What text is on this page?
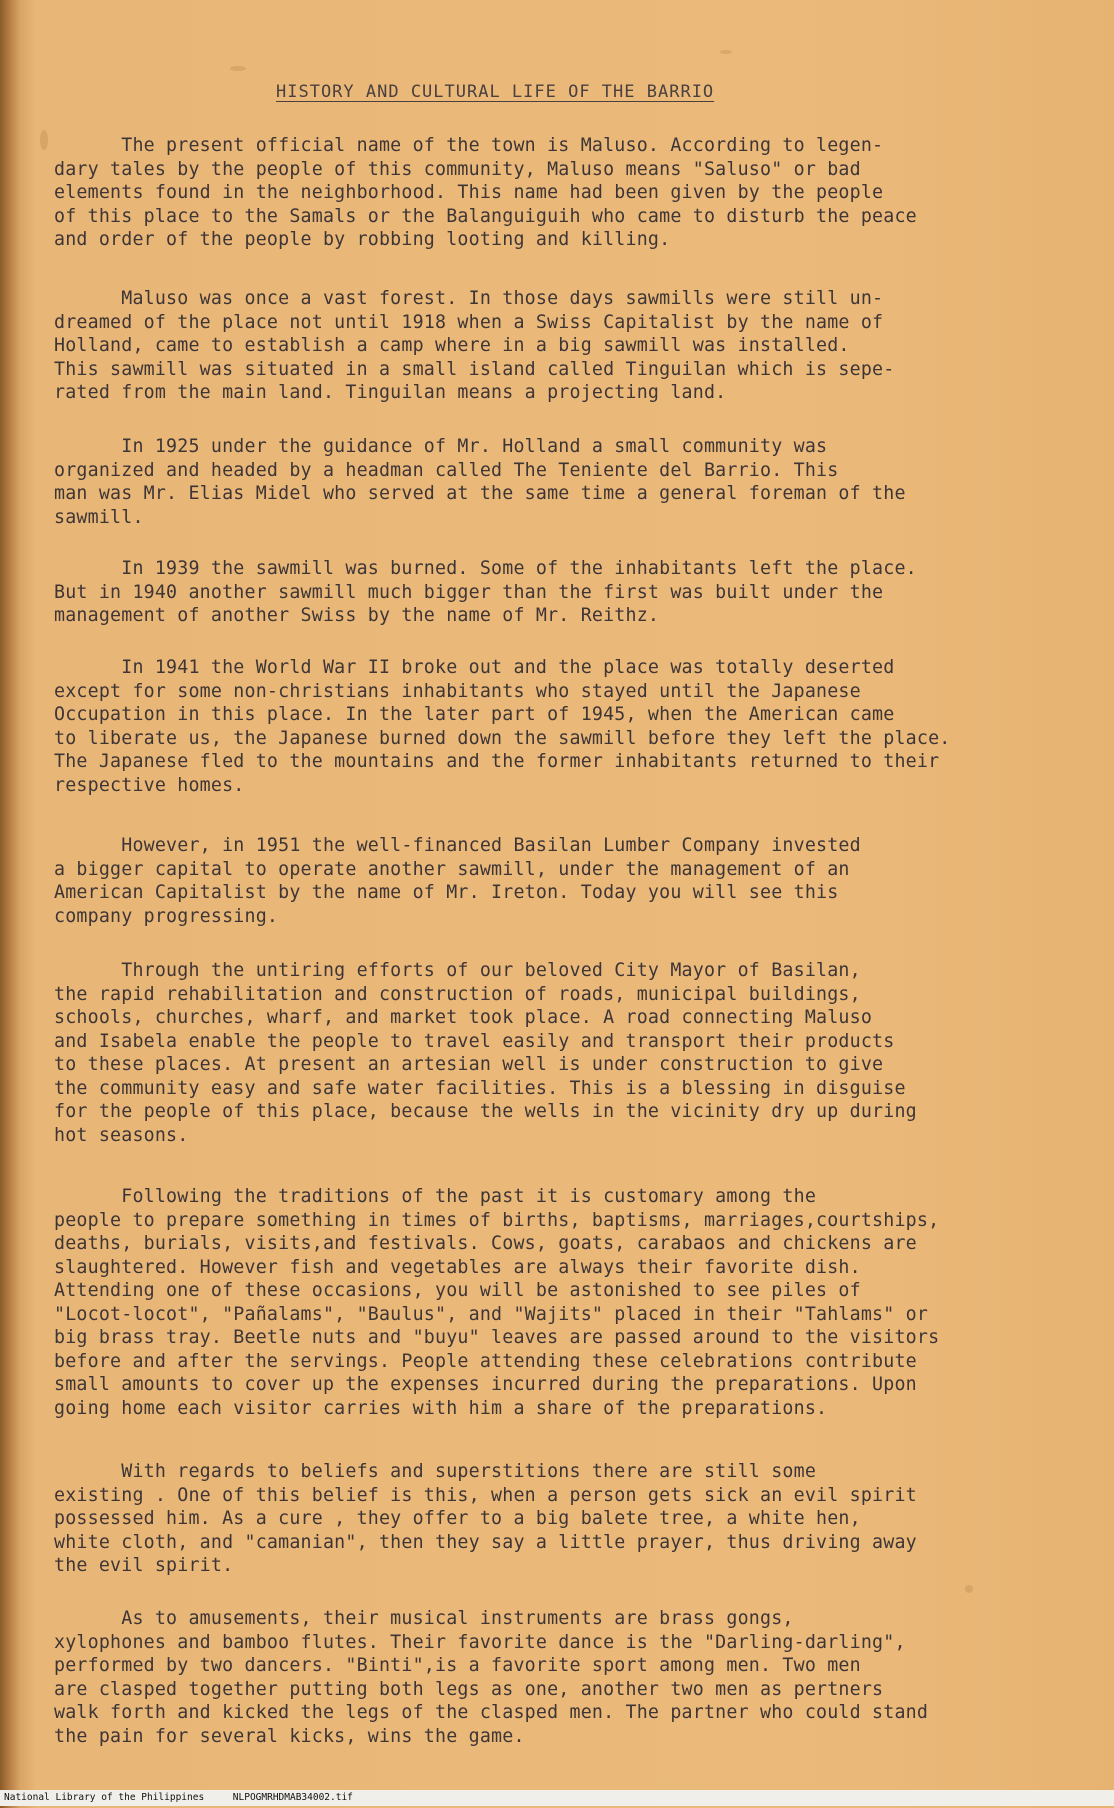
HISTORY AND CULTURAL LIFE OF THE BARRIO
The present official name of the town is Maluso. According to legen-
dary tales by the people of this community, Maluso means "Saluso" or bad
elements found in the neighborhood. This name had been given by the people
of this place to the Samals or the Balanguiguih who came to disturb the peace
and order of the people by robbing looting and killing.
Maluso was once a vast forest. In those days sawmills were still un-
dreamed of the place not until 1918 when a Swiss Capitalist by the name of
Holland, came to establish a camp where in a big sawmill was installed.
This sawmill was situated in a small island called Tinguilan which is sepe-
rated from the main land. Tinguilan means a projecting land.
In 1925 under the guidance of Mr. Holland a small community was
organized and headed by a headman called The Teniente del Barrio. This
man was Mr. Elias Midel who served at the same time a general foreman of the
sawmill.
In 1939 the sawmill was burned. Some of the inhabitants left the place.
But in 1940 another sawmill much bigger than the first was built under the
management of another Swiss by the name of Mr. Reithz.
In 1941 the World War II broke out and the place was totally deserted
except for some non-christians inhabitants who stayed until the Japanese
Occupation in this place. In the later part of 1945, when the American came
to liberate us, the Japanese burned down the sawmill before they left the place.
The Japanese fled to the mountains and the former inhabitants returned to their
respective homes.
However, in 1951 the well-financed Basilan Lumber Company invested
a bigger capital to operate another sawmill, under the management of an
American Capitalist by the name of Mr. Ireton. Today you will see this
company progressing.
Through the untiring efforts of our beloved City Mayor of Basilan,
the rapid rehabilitation and construction of roads, municipal buildings,
schools, churches, wharf, and market took place. A road connecting Maluso
and Isabela enable the people to travel easily and transport their products
to these places. At present an artesian well is under construction to give
the community easy and safe water facilities. This is a blessing in disguise
for the people of this place, because the wells in the vicinity dry up during
hot seasons.
Following the traditions of the past it is customary among the
people to prepare something in times of births, baptisms, marriages,courtships,
deaths, burials, visits,and festivals. Cows, goats, carabaos and chickens are
slaughtered. However fish and vegetables are always their favorite dish.
Attending one of these occasions, you will be astonished to see piles of
"Locot-locot", "Pañalams", "Baulus", and "Wajits" placed in their "Tahlams" or
big brass tray. Beetle nuts and "buyu" leaves are passed around to the visitors
before and after the servings. People attending these celebrations contribute
small amounts to cover up the expenses incurred during the preparations. Upon
going home each visitor carries with him a share of the preparations.
With regards to beliefs and superstitions there are still some
existing . One of this belief is this, when a person gets sick an evil spirit
possessed him. As a cure , they offer to a big balete tree, a white hen,
white cloth, and "camanian", then they say a little prayer, thus driving away
the evil spirit.
As to amusements, their musical instruments are brass gongs,
xylophones and bamboo flutes. Their favorite dance is the "Darling-darling",
performed by two dancers. "Binti",is a favorite sport among men. Two men
are clasped together putting both legs as one, another two men as pertners
walk forth and kicked the legs of the clasped men. The partner who could stand
the pain for several kicks, wins the game.
National Library of the Philippines	NLPOGMRHDMAB34002.tif
